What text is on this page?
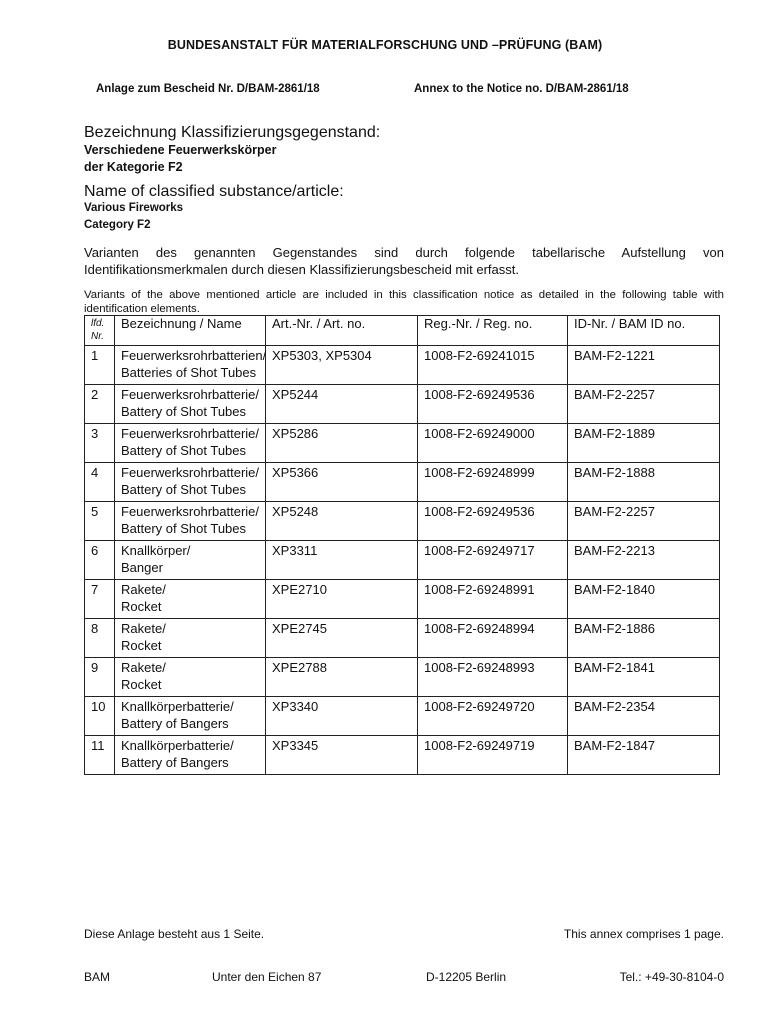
BUNDESANSTALT FÜR MATERIALFORSCHUNG UND –PRÜFUNG (BAM)
Anlage zum Bescheid Nr. D/BAM-2861/18	Annex to the Notice no. D/BAM-2861/18
Bezeichnung Klassifizierungsgegenstand:
Verschiedene Feuerwerkskörper
der Kategorie F2
Name of classified substance/article:
Various Fireworks
Category F2
Varianten des genannten Gegenstandes sind durch folgende tabellarische Aufstellung von Identifikationsmerkmalen durch diesen Klassifizierungsbescheid mit erfasst.
Variants of the above mentioned article are included in this classification notice as detailed in the following table with identification elements.
lfd. Nr.	Bezeichnung / Name	Art.-Nr. / Art. no.	Reg.-Nr. / Reg. no.	ID-Nr. / BAM ID no.
1	Feuerwerksrohrbatterien/
Batteries of Shot Tubes	XP5303, XP5304	1008-F2-69241015	BAM-F2-1221
2	Feuerwerksrohrbatterie/
Battery of Shot Tubes	XP5244	1008-F2-69249536	BAM-F2-2257
3	Feuerwerksrohrbatterie/
Battery of Shot Tubes	XP5286	1008-F2-69249000	BAM-F2-1889
4	Feuerwerksrohrbatterie/
Battery of Shot Tubes	XP5366	1008-F2-69248999	BAM-F2-1888
5	Feuerwerksrohrbatterie/
Battery of Shot Tubes	XP5248	1008-F2-69249536	BAM-F2-2257
6	Knallkörper/
Banger	XP3311	1008-F2-69249717	BAM-F2-2213
7	Rakete/
Rocket	XPE2710	1008-F2-69248991	BAM-F2-1840
8	Rakete/
Rocket	XPE2745	1008-F2-69248994	BAM-F2-1886
9	Rakete/
Rocket	XPE2788	1008-F2-69248993	BAM-F2-1841
10	Knallkörperbatterie/
Battery of Bangers	XP3340	1008-F2-69249720	BAM-F2-2354
11	Knallkörperbatterie/
Battery of Bangers	XP3345	1008-F2-69249719	BAM-F2-1847
Diese Anlage besteht aus 1 Seite.	This annex comprises 1 page.
BAM	Unter den Eichen 87	D-12205 Berlin	Tel.: +49-30-8104-0
